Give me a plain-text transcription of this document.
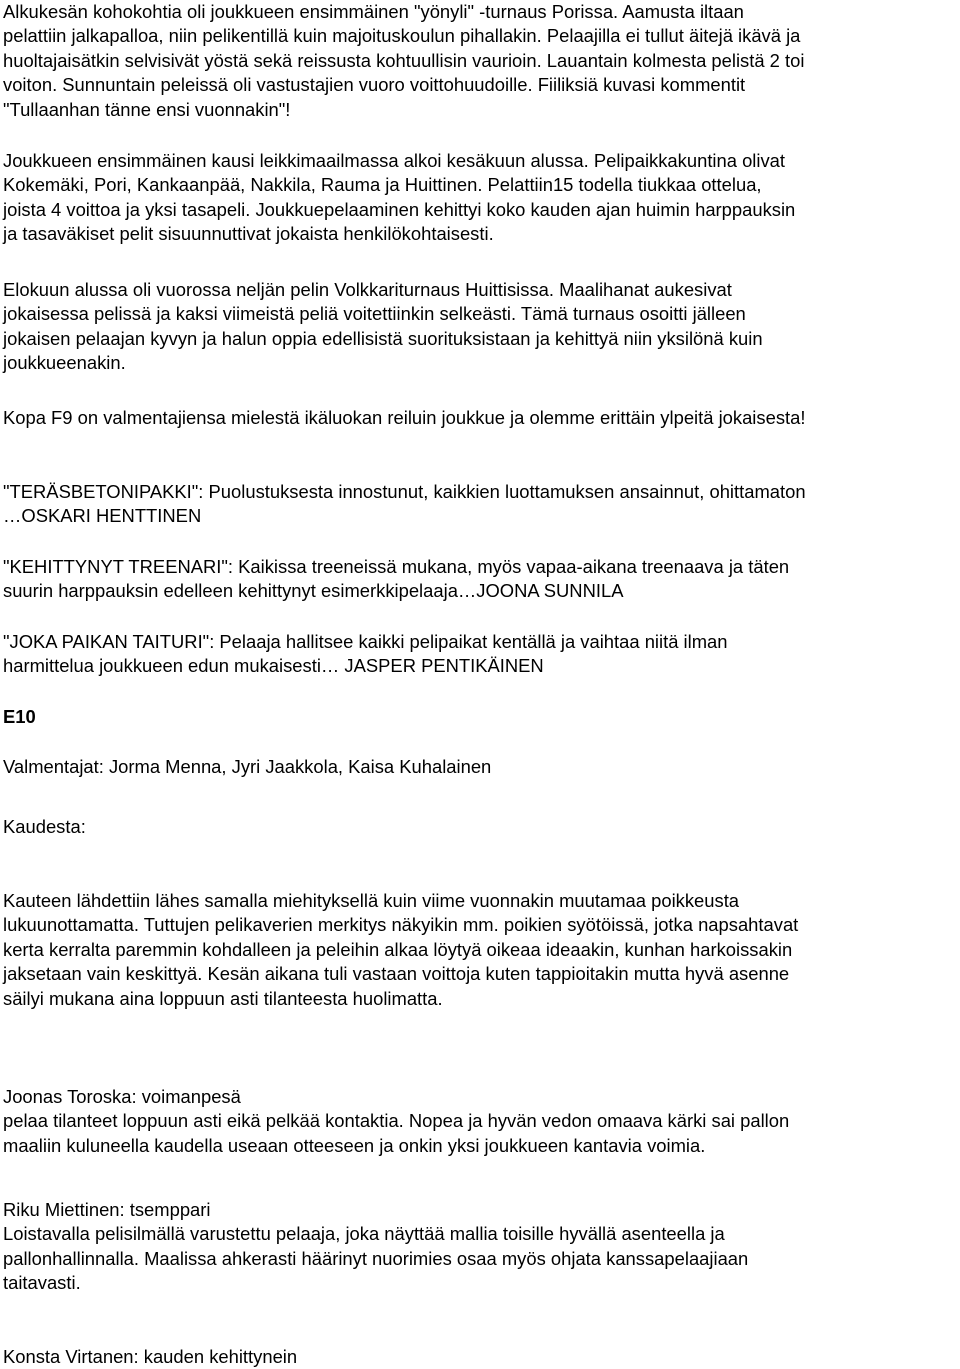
Alkukesän kohokohtia oli joukkueen ensimmäinen "yönyli" -turnaus Porissa. Aamusta iltaan
pelattiin jalkapalloa, niin pelikentillä kuin majoituskoulun pihallakin. Pelaajilla ei tullut äitejä ikävä ja
huoltajaisätkin selvisivät yöstä sekä reissusta kohtuullisin vaurioin. Lauantain kolmesta pelistä 2 toi
voiton. Sunnuntain peleissä oli vastustajien vuoro voittohuudoille. Fiiliksiä kuvasi kommentit
"Tullaanhan tänne ensi vuonnakin"!
Joukkueen ensimmäinen kausi leikkimaailmassa alkoi kesäkuun alussa. Pelipaikkakuntina olivat
Kokemäki, Pori, Kankaanpää, Nakkila, Rauma ja Huittinen. Pelattiin15 todella tiukkaa ottelua,
joista 4 voittoa ja yksi tasapeli. Joukkuepelaaminen kehittyi koko kauden ajan huimin harppauksin
ja tasaväkiset pelit sisuunnuttivat jokaista henkilökohtaisesti.
Elokuun alussa oli vuorossa neljän pelin Volkkariturnaus Huittisissa. Maalihanat aukesivat
jokaisessa pelissä ja kaksi viimeistä peliä voitettiinkin selkeästi. Tämä turnaus osoitti jälleen
jokaisen pelaajan kyvyn ja halun oppia edellisistä suorituksistaan ja kehittyä niin yksilönä kuin
joukkueenakin.
Kopa F9 on valmentajiensa mielestä ikäluokan reiluin joukkue ja olemme erittäin ylpeitä jokaisesta!
"TERÄSBETONIPAKKI": Puolustuksesta innostunut, kaikkien luottamuksen ansainnut, ohittamaton
…OSKARI HENTTINEN
"KEHITTYNYT TREENARI": Kaikissa treeneissä mukana, myös vapaa-aikana treenaava ja täten
suurin harppauksin edelleen kehittynyt esimerkkipelaaja…JOONA SUNNILA
"JOKA PAIKAN TAITURI": Pelaaja hallitsee kaikki pelipaikat kentällä ja vaihtaa niitä ilman
harmittelua joukkueen edun mukaisesti… JASPER PENTIKÄINEN
E10
Valmentajat: Jorma Menna, Jyri Jaakkola, Kaisa Kuhalainen
Kaudesta:
Kauteen lähdettiin lähes samalla miehityksellä kuin viime vuonnakin muutamaa poikkeusta
lukuunottamatta. Tuttujen pelikaverien merkitys näkyikin mm. poikien syötöissä, jotka napsahtavat
kerta kerralta paremmin kohdalleen ja peleihin alkaa löytyä oikeaa ideaakin, kunhan harkoissakin
jaksetaan vain keskittyä. Kesän aikana tuli vastaan voittoja kuten tappioitakin mutta hyvä asenne
säilyi mukana aina loppuun asti tilanteesta huolimatta.
Joonas Toroska: voimanpesä
pelaa tilanteet loppuun asti eikä pelkää kontaktia. Nopea ja hyvän vedon omaava kärki sai pallon
maaliin kuluneella kaudella useaan otteeseen ja onkin yksi joukkueen kantavia voimia.
Riku Miettinen: tsemppari
Loistavalla pelisilmällä varustettu pelaaja, joka näyttää mallia toisille hyvällä asenteella ja
pallonhallinnalla. Maalissa ahkerasti häärinyt nuorimies osaa myös ohjata kanssapelaajiaan
taitavasti.
Konsta Virtanen: kauden kehittynein
